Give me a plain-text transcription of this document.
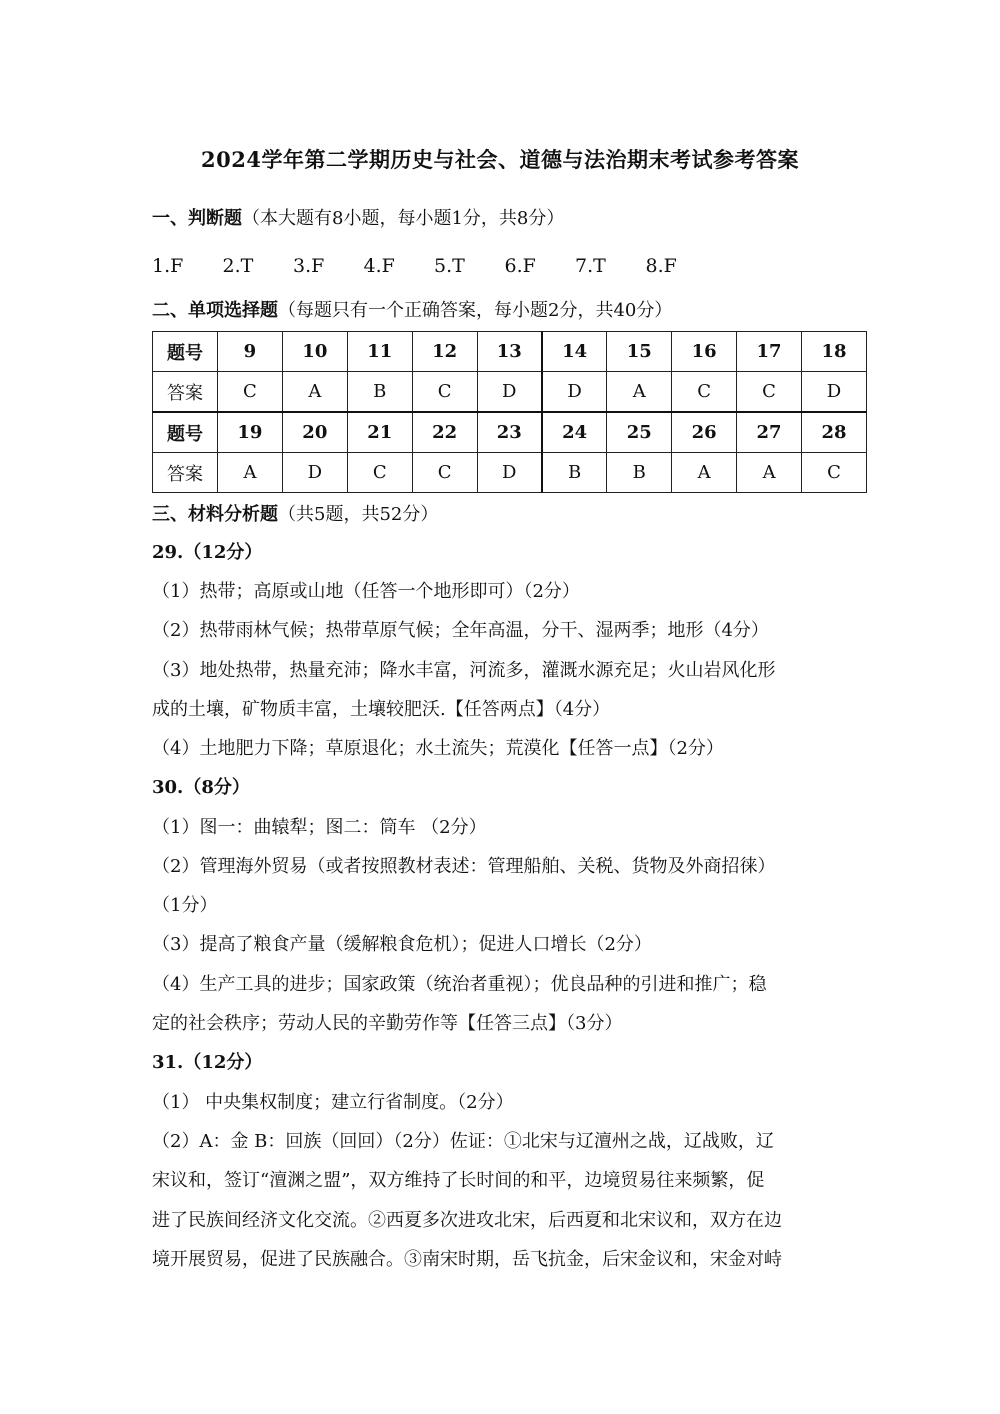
2024学年第二学期历史与社会、道德与法治期末考试参考答案
一、判断题（本大题有8小题，每小题1分，共8分）
1.F	2.T	3.F	4.F	5.T	6.F	7.T	8.F
二、单项选择题（每题只有一个正确答案，每小题2分，共40分）
题号	9	10	11	12	13	14	15	16	17	18
答案	C	A	B	C	D	D	A	C	C	D
题号	19	20	21	22	23	24	25	26	27	28
答案	A	D	C	C	D	B	B	A	A	C
三、材料分析题（共5题，共52分）
29.（12分）
（1）热带；高原或山地（任答一个地形即可）（2分）
（2）热带雨林气候；热带草原气候；全年高温，分干、湿两季；地形（4分）
（3）地处热带，热量充沛；降水丰富，河流多，灌溉水源充足；火山岩风化形
成的土壤，矿物质丰富，土壤较肥沃.【任答两点】（4分）
（4）土地肥力下降；草原退化；水土流失；荒漠化【任答一点】（2分）
30.（8分）
（1）图一：曲辕犁；图二：筒车 （2分）
（2）管理海外贸易（或者按照教材表述：管理船舶、关税、货物及外商招徕）
（1分）
（3）提高了粮食产量（缓解粮食危机）；促进人口增长（2分）
（4）生产工具的进步；国家政策（统治者重视）；优良品种的引进和推广；稳
定的社会秩序；劳动人民的辛勤劳作等【任答三点】（3分）
31.（12分）
（1） 中央集权制度；建立行省制度。（2分）
（2）A：金 B：回族（回回）（2分）佐证：①北宋与辽澶州之战，辽战败，辽
宋议和，签订“澶渊之盟”，双方维持了长时间的和平，边境贸易往来频繁，促
进了民族间经济文化交流。②西夏多次进攻北宋，后西夏和北宋议和，双方在边
境开展贸易，促进了民族融合。③南宋时期，岳飞抗金，后宋金议和，宋金对峙
